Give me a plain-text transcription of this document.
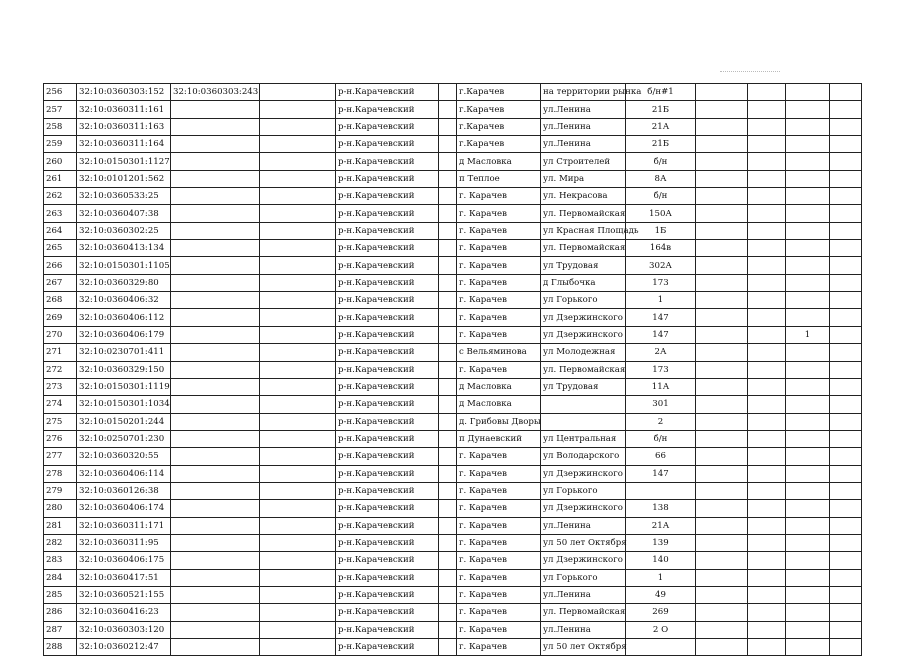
256	32:10:0360303:152	32:10:0360303:243		р-н.Карачевский		г.Карачев	на территории рынка	б/н#1				
257	32:10:0360311:161			р-н.Карачевский		г.Карачев	ул.Ленина	21Б				
258	32:10:0360311:163			р-н.Карачевский		г.Карачев	ул.Ленина	21А				
259	32:10:0360311:164			р-н.Карачевский		г.Карачев	ул.Ленина	21Б				
260	32:10:0150301:1127			р-н.Карачевский		д Масловка	ул Строителей	б/н				
261	32:10:0101201:562			р-н.Карачевский		п Теплое	ул. Мира	8А				
262	32:10:0360533:25			р-н.Карачевский		г. Карачев	ул. Некрасова	б/н				
263	32:10:0360407:38			р-н.Карачевский		г. Карачев	ул. Первомайская	150А				
264	32:10:0360302:25			р-н.Карачевский		г. Карачев	ул Красная Площадь	1Б				
265	32:10:0360413:134			р-н.Карачевский		г. Карачев	ул. Первомайская	164в				
266	32:10:0150301:1105			р-н.Карачевский		г. Карачев	ул Трудовая	302А				
267	32:10:0360329:80			р-н.Карачевский		г. Карачев	д Глыбочка	173				
268	32:10:0360406:32			р-н.Карачевский		г. Карачев	ул Горького	1				
269	32:10:0360406:112			р-н.Карачевский		г. Карачев	ул Дзержинского	147				
270	32:10:0360406:179			р-н.Карачевский		г. Карачев	ул Дзержинского	147			1	
271	32:10:0230701:411			р-н.Карачевский		с Вельяминова	ул Молодежная	2А				
272	32:10:0360329:150			р-н.Карачевский		г. Карачев	ул. Первомайская	173				
273	32:10:0150301:1119			р-н.Карачевский		д Масловка	ул Трудовая	11А				
274	32:10:0150301:1034			р-н.Карачевский		д Масловка		301				
275	32:10:0150201:244			р-н.Карачевский		д. Грибовы Дворы		2				
276	32:10:0250701:230			р-н.Карачевский		п Дунаевский	ул Центральная	б/н				
277	32:10:0360320:55			р-н.Карачевский		г. Карачев	ул Володарского	66				
278	32:10:0360406:114			р-н.Карачевский		г. Карачев	ул Дзержинского	147				
279	32:10:0360126:38			р-н.Карачевский		г. Карачев	ул Горького					
280	32:10:0360406:174			р-н.Карачевский		г. Карачев	ул Дзержинского	138				
281	32:10:0360311:171			р-н.Карачевский		г. Карачев	ул.Ленина	21А				
282	32:10:0360311:95			р-н.Карачевский		г. Карачев	ул 50 лет Октября	139				
283	32:10:0360406:175			р-н.Карачевский		г. Карачев	ул Дзержинского	140				
284	32:10:0360417:51			р-н.Карачевский		г. Карачев	ул Горького	1				
285	32:10:0360521:155			р-н.Карачевский		г. Карачев	ул.Ленина	49				
286	32:10:0360416:23			р-н.Карачевский		г. Карачев	ул. Первомайская	269				
287	32:10:0360303:120			р-н.Карачевский		г. Карачев	ул.Ленина	2 О				
288	32:10:0360212:47			р-н.Карачевский		г. Карачев	ул 50 лет Октября					
